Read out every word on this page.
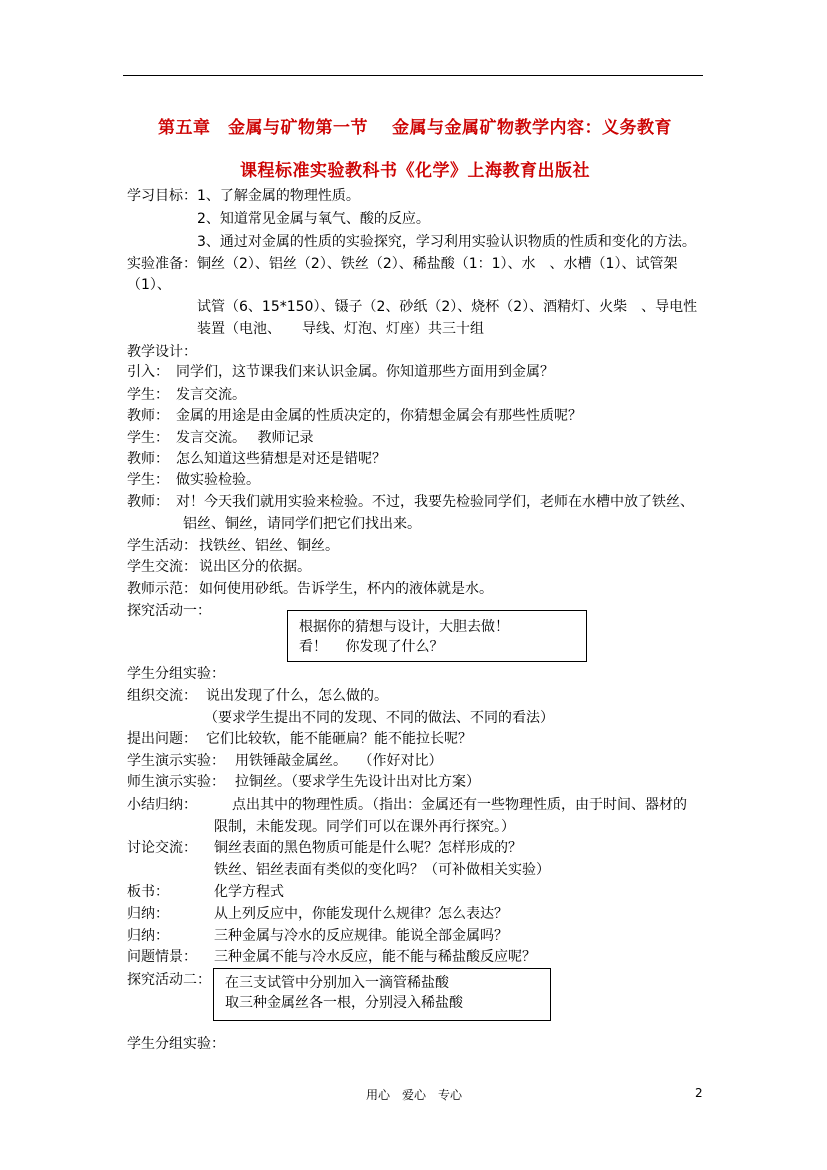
第五章　金属与矿物第一节　 金属与金属矿物教学内容：义务教育
课程标准实验教科书《化学》上海教育出版社
学习目标： 1、了解金属的物理性质。
2、知道常见金属与氧气、酸的反应。
3、通过对金属的性质的实验探究，学习利用实验认识物质的性质和变化的方法。
实验准备： 铜丝（2）、铝丝（2）、铁丝（2）、稀盐酸（1：1）、水　、水槽（1）、试管架
（1）、
试管（6、15*150）、镊子（2、砂纸（2）、烧杯（2）、酒精灯、火柴　、导电性
装置（电池、　　导线、灯泡、灯座）共三十组
教学设计：
引入： 同学们，这节课我们来认识金属。你知道那些方面用到金属？
学生： 发言交流。
教师： 金属的用途是由金属的性质决定的，你猜想金属会有那些性质呢？
学生： 发言交流。　 教师记录
教师： 怎么知道这些猜想是对还是错呢？
学生： 做实验检验。
教师： 对！今天我们就用实验来检验。不过，我要先检验同学们，老师在水槽中放了铁丝、
铝丝、铜丝，请同学们把它们找出来。
学生活动： 找铁丝、铝丝、铜丝。
学生交流： 说出区分的依据。
教师示范： 如何使用砂纸。告诉学生，杯内的液体就是水。
探究活动一：
根据你的猜想与设计，大胆去做！
看！　 你发现了什么？
学生分组实验：
组织交流： 说出发现了什么，怎么做的。
（要求学生提出不同的发现、不同的做法、不同的看法）
提出问题： 它们比较软，能不能砸扁？能不能拉长呢？
学生演示实验： 用铁锤敲金属丝。　 （作好对比）
师生演示实验： 拉铜丝。（要求学生先设计出对比方案）
小结归纳：	点出其中的物理性质。（指出：金属还有一些物理性质，由于时间、器材的
限制，未能发现。同学们可以在课外再行探究。）
讨论交流： 铜丝表面的黑色物质可能是什么呢？怎样形成的？
铁丝、铝丝表面有类似的变化吗？（可补做相关实验）
板书：	化学方程式
归纳：	从上列反应中，你能发现什么规律？怎么表达？
归纳：	三种金属与冷水的反应规律。能说全部金属吗？
问题情景： 三种金属不能与冷水反应，能不能与稀盐酸反应呢？
探究活动二： 在三支试管中分别加入一滴管稀盐酸
取三种金属丝各一根，分别浸入稀盐酸
学生分组实验：
用心　爱心　专心	2
